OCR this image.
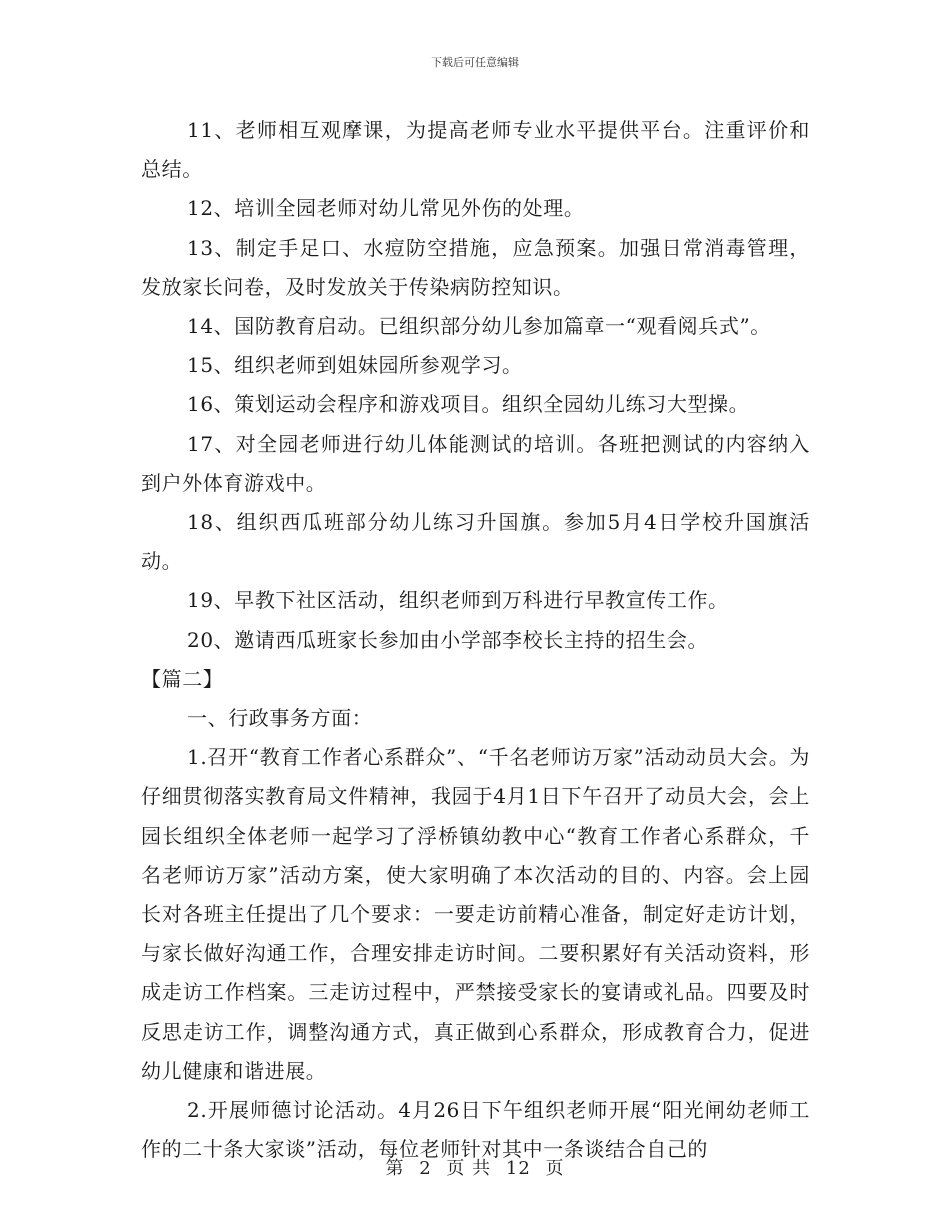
下载后可任意编辑

11、老师相互观摩课，为提高老师专业水平提供平台。注重评价和总结。

12、培训全园老师对幼儿常见外伤的处理。

13、制定手足口、水痘防空措施，应急预案。加强日常消毒管理，发放家长问卷，及时发放关于传染病防控知识。

14、国防教育启动。已组织部分幼儿参加篇章一“观看阅兵式”。

15、组织老师到姐妹园所参观学习。

16、策划运动会程序和游戏项目。组织全园幼儿练习大型操。

17、对全园老师进行幼儿体能测试的培训。各班把测试的内容纳入到户外体育游戏中。

18、组织西瓜班部分幼儿练习升国旗。参加5月4日学校升国旗活动。

19、早教下社区活动，组织老师到万科进行早教宣传工作。

20、邀请西瓜班家长参加由小学部李校长主持的招生会。

【篇二】

一、行政事务方面：

1.召开“教育工作者心系群众”、“千名老师访万家”活动动员大会。为仔细贯彻落实教育局文件精神，我园于4月1日下午召开了动员大会，会上园长组织全体老师一起学习了浮桥镇幼教中心“教育工作者心系群众，千名老师访万家”活动方案，使大家明确了本次活动的目的、内容。会上园长对各班主任提出了几个要求：一要走访前精心准备，制定好走访计划，与家长做好沟通工作，合理安排走访时间。二要积累好有关活动资料，形成走访工作档案。三走访过程中，严禁接受家长的宴请或礼品。四要及时反思走访工作，调整沟通方式，真正做到心系群众，形成教育合力，促进幼儿健康和谐进展。

2.开展师德讨论活动。4月26日下午组织老师开展“阳光闸幼老师工作的二十条大家谈”活动，每位老师针对其中一条谈结合自己的

第 2 页 共 12 页
